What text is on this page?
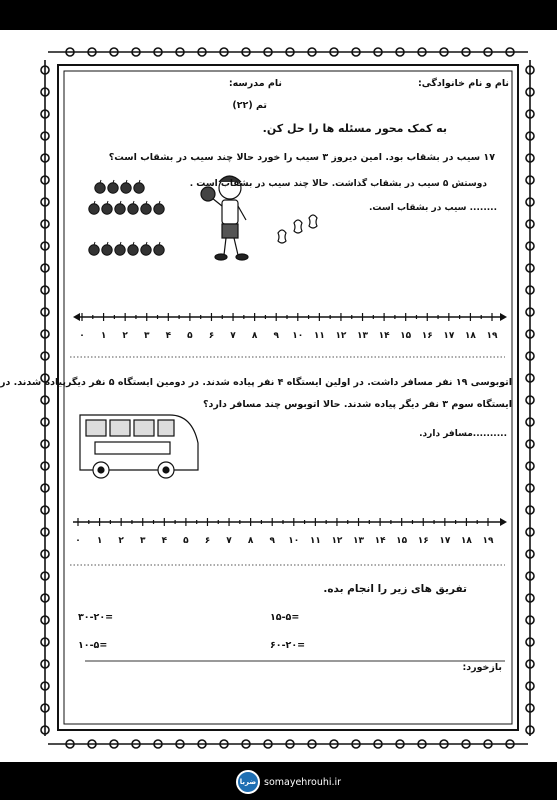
نام و نام خانوادگی:
نام مدرسه:
تم (۲۲)
به کمک محور مسئله ها را حل کن.
۱۷ سیب در بشقاب بود. امین دیروز ۳ سیب را خورد حالا چند سیب در بشقاب است؟
دوستش ۵ سیب در بشقاب گذاشت. حالا چند سیب در بشقاب است .
........ سیب در بشقاب است.
۰ ۱ ۲ ۳ ۴ ۵ ۶ ۷ ۸ ۹ ۱۰ ۱۱ ۱۲ ۱۳ ۱۴ ۱۵ ۱۶ ۱۷ ۱۸ ۱۹
اتوبوسی ۱۹ نفر مسافر داشت. در اولین ایستگاه ۴ نفر پیاده شدند. در دومین ایستگاه ۵ نفر دیگرپیاده شدند. در
ایستگاه سوم ۳ نفر دیگر پیاده شدند. حالا اتوبوس چند مسافر دارد؟
..........مسافر دارد.
۰ ۱ ۲ ۳ ۴ ۵ ۶ ۷ ۸ ۹ ۱۰ ۱۱ ۱۲ ۱۳ ۱۴ ۱۵ ۱۶ ۱۷ ۱۸ ۱۹
تفریق های زیر را انجام بده.
۳۰-۲۰=	۱۵-۵=
۱۰-۵=	۶۰-۲۰=
بازخورد:
ضربا somayehrouhi.ir
